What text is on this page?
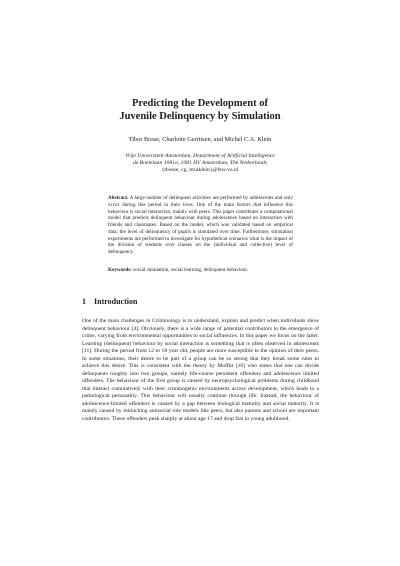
Predicting the Development of
Juvenile Delinquency by Simulation
Tibor Bosse, Charlotte Gerritsen, and Michel C.A. Klein
Vrije Universiteit Amsterdam, Department of Artificial Intelligence
de Boelelaan 1081a, 1081 HV Amsterdam, The Netherlands
{tbosse, cg, mcaklein}@few.vu.nl
Abstract. A large number of delinquent activities are performed by adolescents and only occur during this period in their lives. One of the main factors that influence this behaviour is social interaction, mainly with peers. This paper contributes a computational model that predicts delinquent behaviour during adolescence based on interaction with friends and classmates. Based on the model, which was validated based on empirical data, the level of delinquency of pupils is simulated over time. Furthermore, simulation experiments are performed to investigate for hypothetical scenarios what is the impact of the division of students over classes on the (individual and collective) level of delinquency.
Keywords: social simulation, social learning, delinquent behaviour.
1 Introduction
One of the main challenges in Criminology is to understand, explain and predict when individuals show delinquent behaviour [4]. Obviously, there is a wide range of potential contributors to the emergence of crime, varying from environmental opportunities to social influences. In this paper we focus on the latter. Learning (delinquent) behaviour by social interaction is something that is often observed in adolescents [11]. During the period from 12 to 18 year old, people are more susceptible to the opinion of their peers. In some situations, their desire to be part of a group can be so strong that they break some rules to achieve this desire. This is consistent with the theory by Moffitt [10] who states that one can divide delinquents roughly into two groups, namely life-course persistent offenders and adolescence limited offenders. The behaviour of the first group is caused by neuropsychological problems during childhood that interact cumulatively with their criminogenic environments across development, which leads to a pathological personality. This behaviour will usually continue through life. Instead, the behaviour of adolescence-limited offenders is caused by a gap between biological maturity and social maturity. It is mainly caused by mimicking antisocial role models like peers, but also parents and school are important contributors. These offenders peak sharply at about age 17 and drop fast in young adulthood.
